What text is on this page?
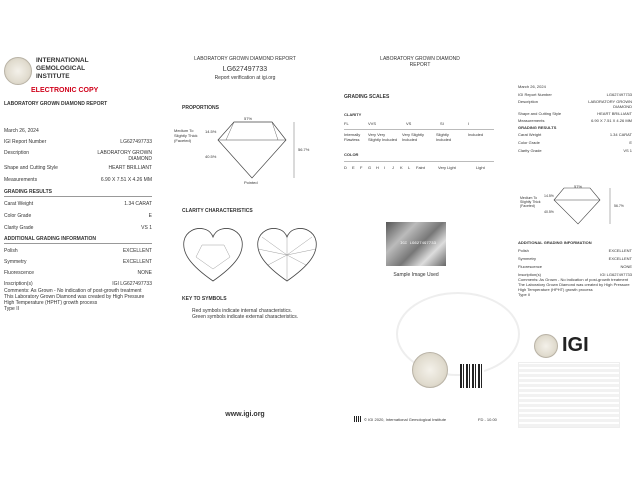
INTERNATIONAL
GEMOLOGICAL
INSTITUTE
ELECTRONIC COPY
LABORATORY GROWN DIAMOND REPORT
March 26, 2024
IGI Report Number	LG627497733
Description	LABORATORY GROWN DIAMOND
Shape and Cutting Style	HEART BRILLIANT
Measurements	6.90 X 7.51 X 4.26 MM
GRADING RESULTS
Carat Weight	1.34 CARAT
Color Grade	E
Clarity Grade	VS 1
ADDITIONAL GRADING INFORMATION
Polish	EXCELLENT
Symmetry	EXCELLENT
Fluorescence	NONE
Inscription(s)	IGI LG627497733
Comments: As Grown - No indication of post-growth treatment
This Laboratory Grown Diamond was created by High Pressure High Temperature (HPHT) growth process
Type II
LABORATORY GROWN DIAMOND REPORT
LG627497733
Report verification at igi.org
PROPORTIONS
57%
Medium To
Slightly Thick
(Faceted)
14.5%
40.5%
56.7%
Pointed
CLARITY CHARACTERISTICS
KEY TO SYMBOLS
Red symbols indicate internal characteristics.
Green symbols indicate external characteristics.
www.igi.org
LABORATORY GROWN DIAMOND REPORT
GRADING SCALES
CLARITY
FL	VVS	VS	SI	I
Internally Flawless
Very Very Slightly Included
Very Slightly Included
Slightly Included
Included
COLOR
D E F G H I J K L Faint	Very Light	Light
IGI LG627497733
Sample Image Used
© IGI 2020, International Gemological Institute	FD - 10.00
March 26, 2024
IGI Report Number	LG627497733
Description	LABORATORY GROWN DIAMOND
Shape and Cutting Style	HEART BRILLIANT
Measurements	6.90 X 7.51 X 4.26 MM
GRADING RESULTS
Carat Weight	1.34 CARAT
Color Grade	E
Clarity Grade	VS 1
57%
Medium To
Slightly Thick
(Faceted)
14.5%
40.5%
56.7%
ADDITIONAL GRADING INFORMATION
Polish	EXCELLENT
Symmetry	EXCELLENT
Fluorescence	NONE
Inscription(s)	IGI LG627497733
Comments: As Grown - No indication of post-growth treatment
The Laboratory Grown Diamond was created by High Pressure High Temperature (HPHT) growth process
Type II
IGI
